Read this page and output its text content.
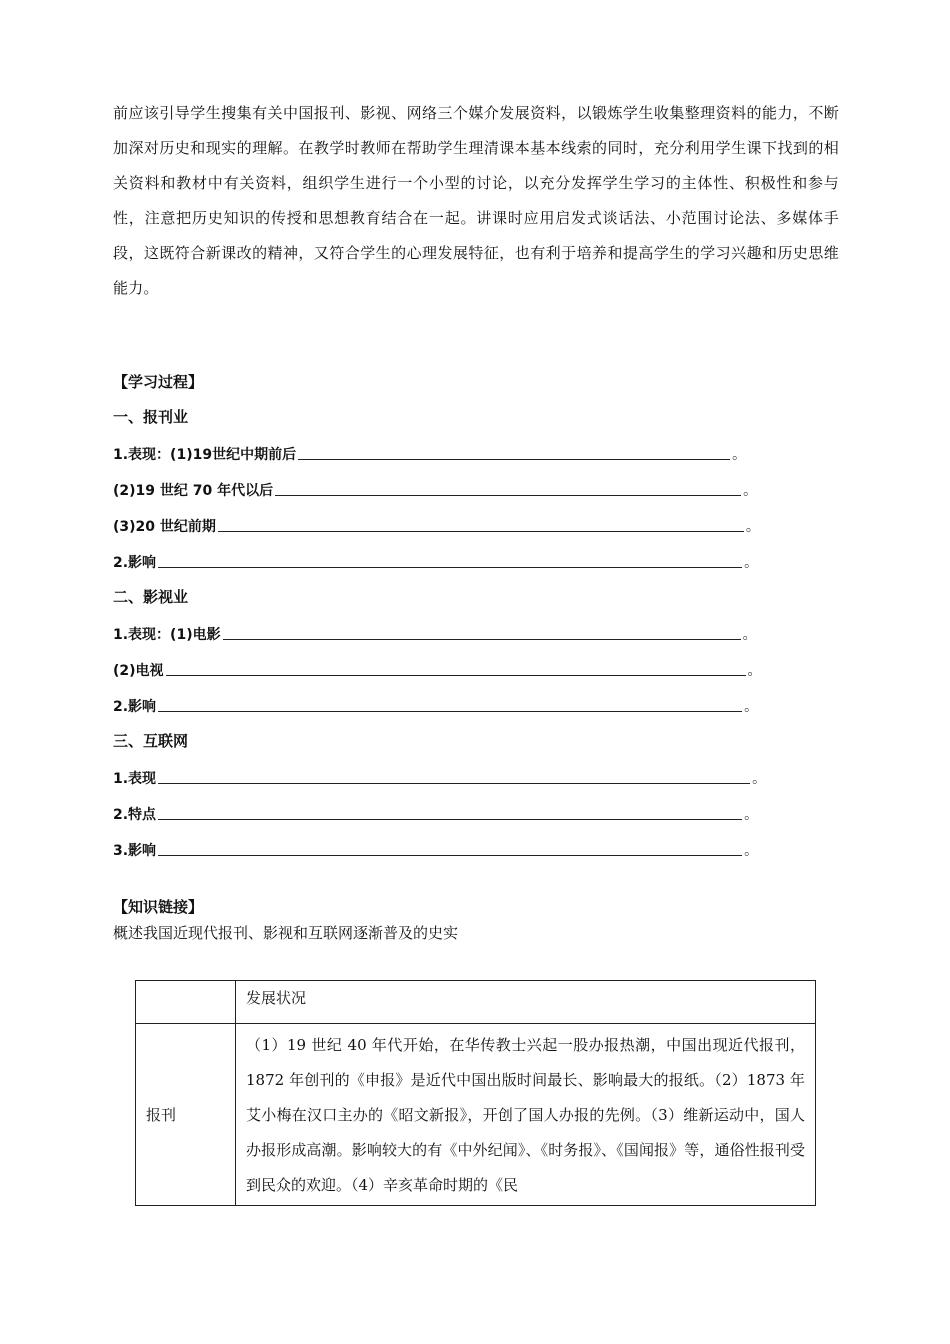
前应该引导学生搜集有关中国报刊、影视、网络三个媒介发展资料，以锻炼学生收集整理资料的能力，不断加深对历史和现实的理解。在教学时教师在帮助学生理清课本基本线索的同时，充分利用学生课下找到的相关资料和教材中有关资料，组织学生进行一个小型的讨论，以充分发挥学生学习的主体性、积极性和参与性，注意把历史知识的传授和思想教育结合在一起。讲课时应用启发式谈话法、小范围讨论法、多媒体手段，这既符合新课改的精神，又符合学生的心理发展特征，也有利于培养和提高学生的学习兴趣和历史思维能力。
【学习过程】
一、报刊业
1.表现：(1)19世纪中期前后	。
(2)19 世纪 70 年代以后	。
(3)20 世纪前期	。
2.影响	。
二、影视业
1.表现：(1)电影	。
(2)电视	。
2.影响	。
三、互联网
1.表现	。
2.特点	。
3.影响	。
【知识链接】
概述我国近现代报刊、影视和互联网逐渐普及的史实
	发展状况
报刊	（1）19 世纪 40 年代开始，在华传教士兴起一股办报热潮，中国出现近代报刊，1872 年创刊的《申报》是近代中国出版时间最长、影响最大的报纸。（2）1873 年艾小梅在汉口主办的《昭文新报》，开创了国人办报的先例。（3）维新运动中，国人办报形成高潮。影响较大的有《中外纪闻》、《时务报》、《国闻报》等，通俗性报刊受到民众的欢迎。（4）辛亥革命时期的《民
